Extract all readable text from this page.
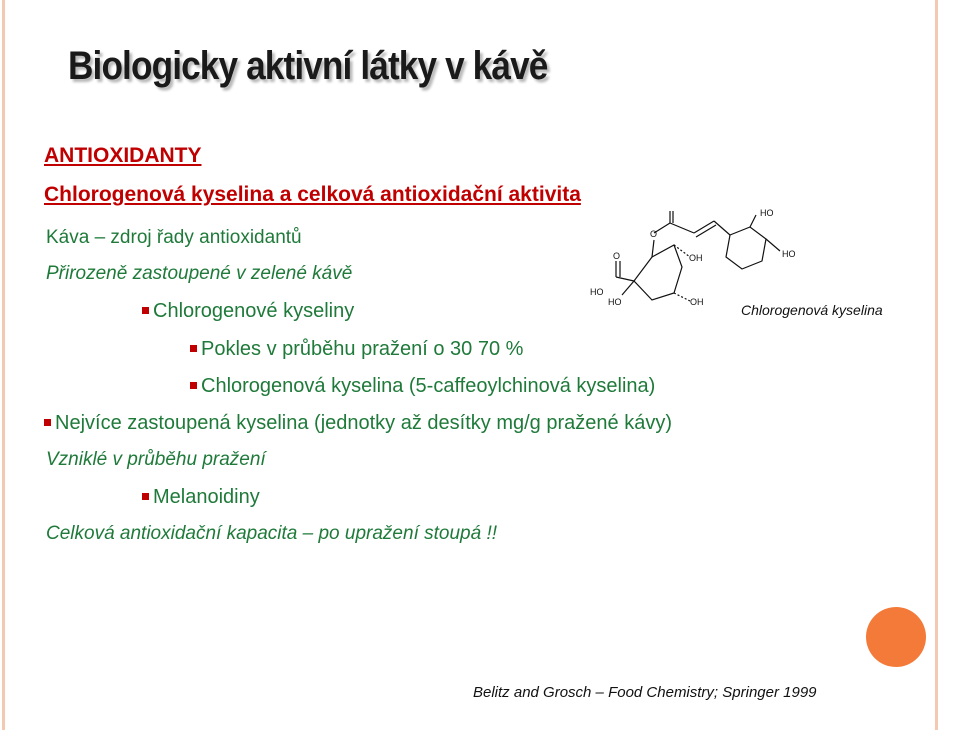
Biologicky aktivní látky v kávě
ANTIOXIDANTY
Chlorogenová kyselina a celková antioxidační aktivita
Káva – zdroj řady antioxidantů
Přirozeně zastoupené v zelené kávě
Chlorogenové kyseliny
Pokles v průběhu pražení o 30 70 %
Chlorogenová kyselina (5-caffeoylchinová kyselina)
Nejvíce zastoupená kyselina (jednotky až desítky mg/g pražené kávy)
Vzniklé v průběhu pražení
Melanoidiny
Celková antioxidační kapacita – po upražení stoupá !!
HO
HO
O
O
OH
HO
HO	OH	Chlorogenová kyselina
Belitz and Grosch – Food Chemistry; Springer 1999
